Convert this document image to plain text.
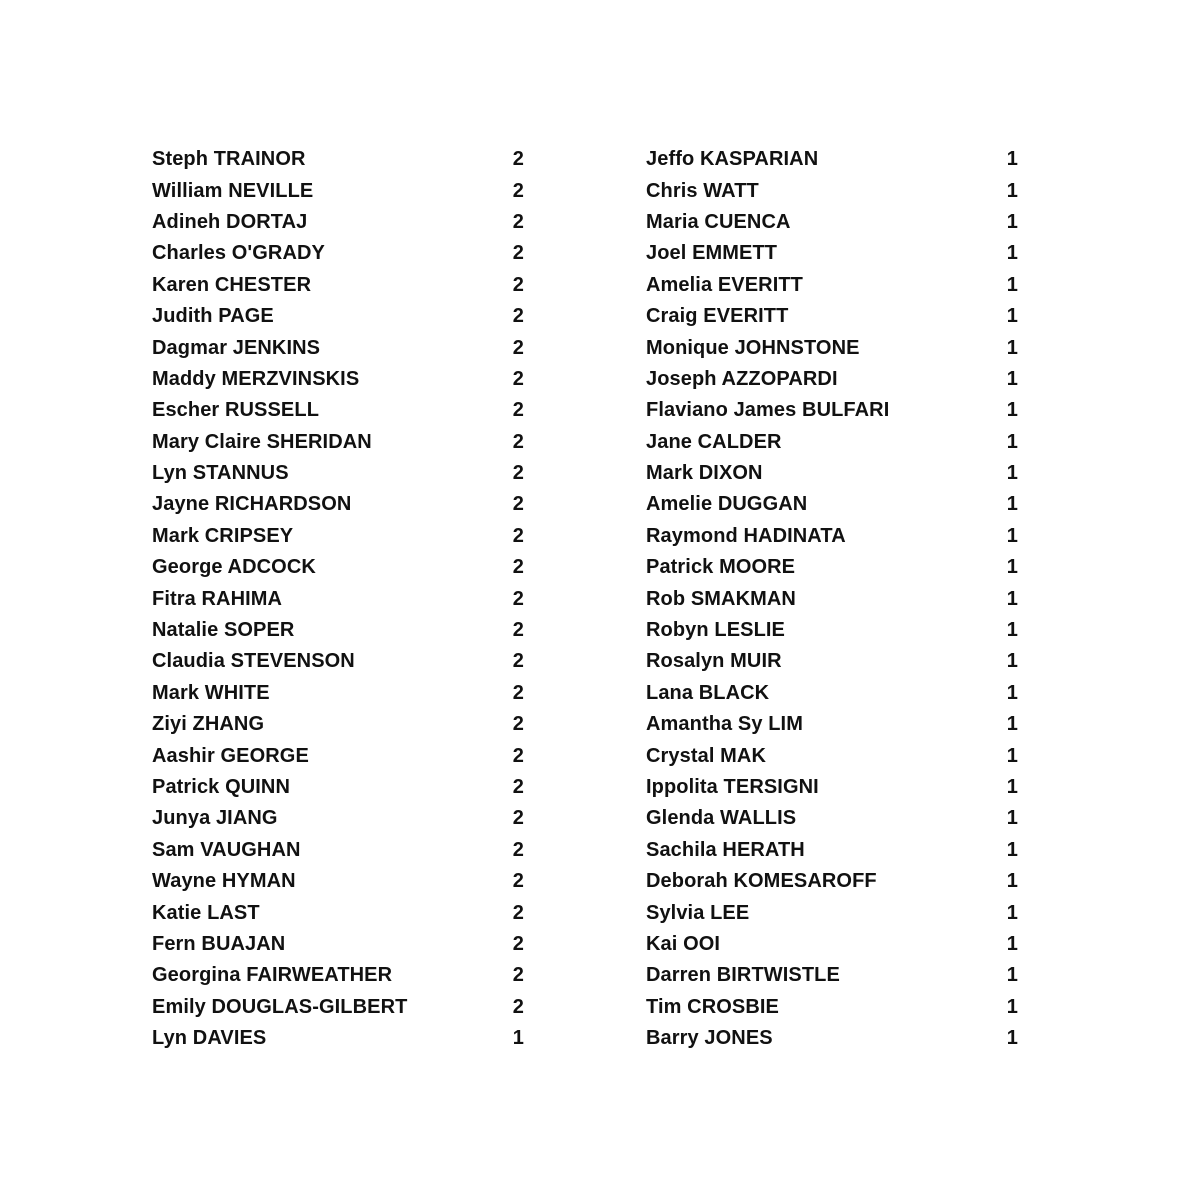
Steph TRAINOR	2
William NEVILLE	2
Adineh DORTAJ	2
Charles O'GRADY	2
Karen CHESTER	2
Judith PAGE	2
Dagmar JENKINS	2
Maddy MERZVINSKIS	2
Escher RUSSELL	2
Mary Claire SHERIDAN	2
Lyn STANNUS	2
Jayne RICHARDSON	2
Mark CRIPSEY	2
George ADCOCK	2
Fitra RAHIMA	2
Natalie SOPER	2
Claudia STEVENSON	2
Mark WHITE	2
Ziyi ZHANG	2
Aashir GEORGE	2
Patrick QUINN	2
Junya JIANG	2
Sam VAUGHAN	2
Wayne HYMAN	2
Katie LAST	2
Fern BUAJAN	2
Georgina FAIRWEATHER	2
Emily DOUGLAS-GILBERT	2
Lyn DAVIES	1
Jeffo KASPARIAN	1
Chris WATT	1
Maria CUENCA	1
Joel EMMETT	1
Amelia EVERITT	1
Craig EVERITT	1
Monique JOHNSTONE	1
Joseph AZZOPARDI	1
Flaviano James BULFARI	1
Jane CALDER	1
Mark DIXON	1
Amelie DUGGAN	1
Raymond HADINATA	1
Patrick MOORE	1
Rob SMAKMAN	1
Robyn LESLIE	1
Rosalyn MUIR	1
Lana BLACK	1
Amantha Sy LIM	1
Crystal MAK	1
Ippolita TERSIGNI	1
Glenda WALLIS	1
Sachila HERATH	1
Deborah KOMESAROFF	1
Sylvia LEE	1
Kai OOI	1
Darren BIRTWISTLE	1
Tim CROSBIE	1
Barry JONES	1
